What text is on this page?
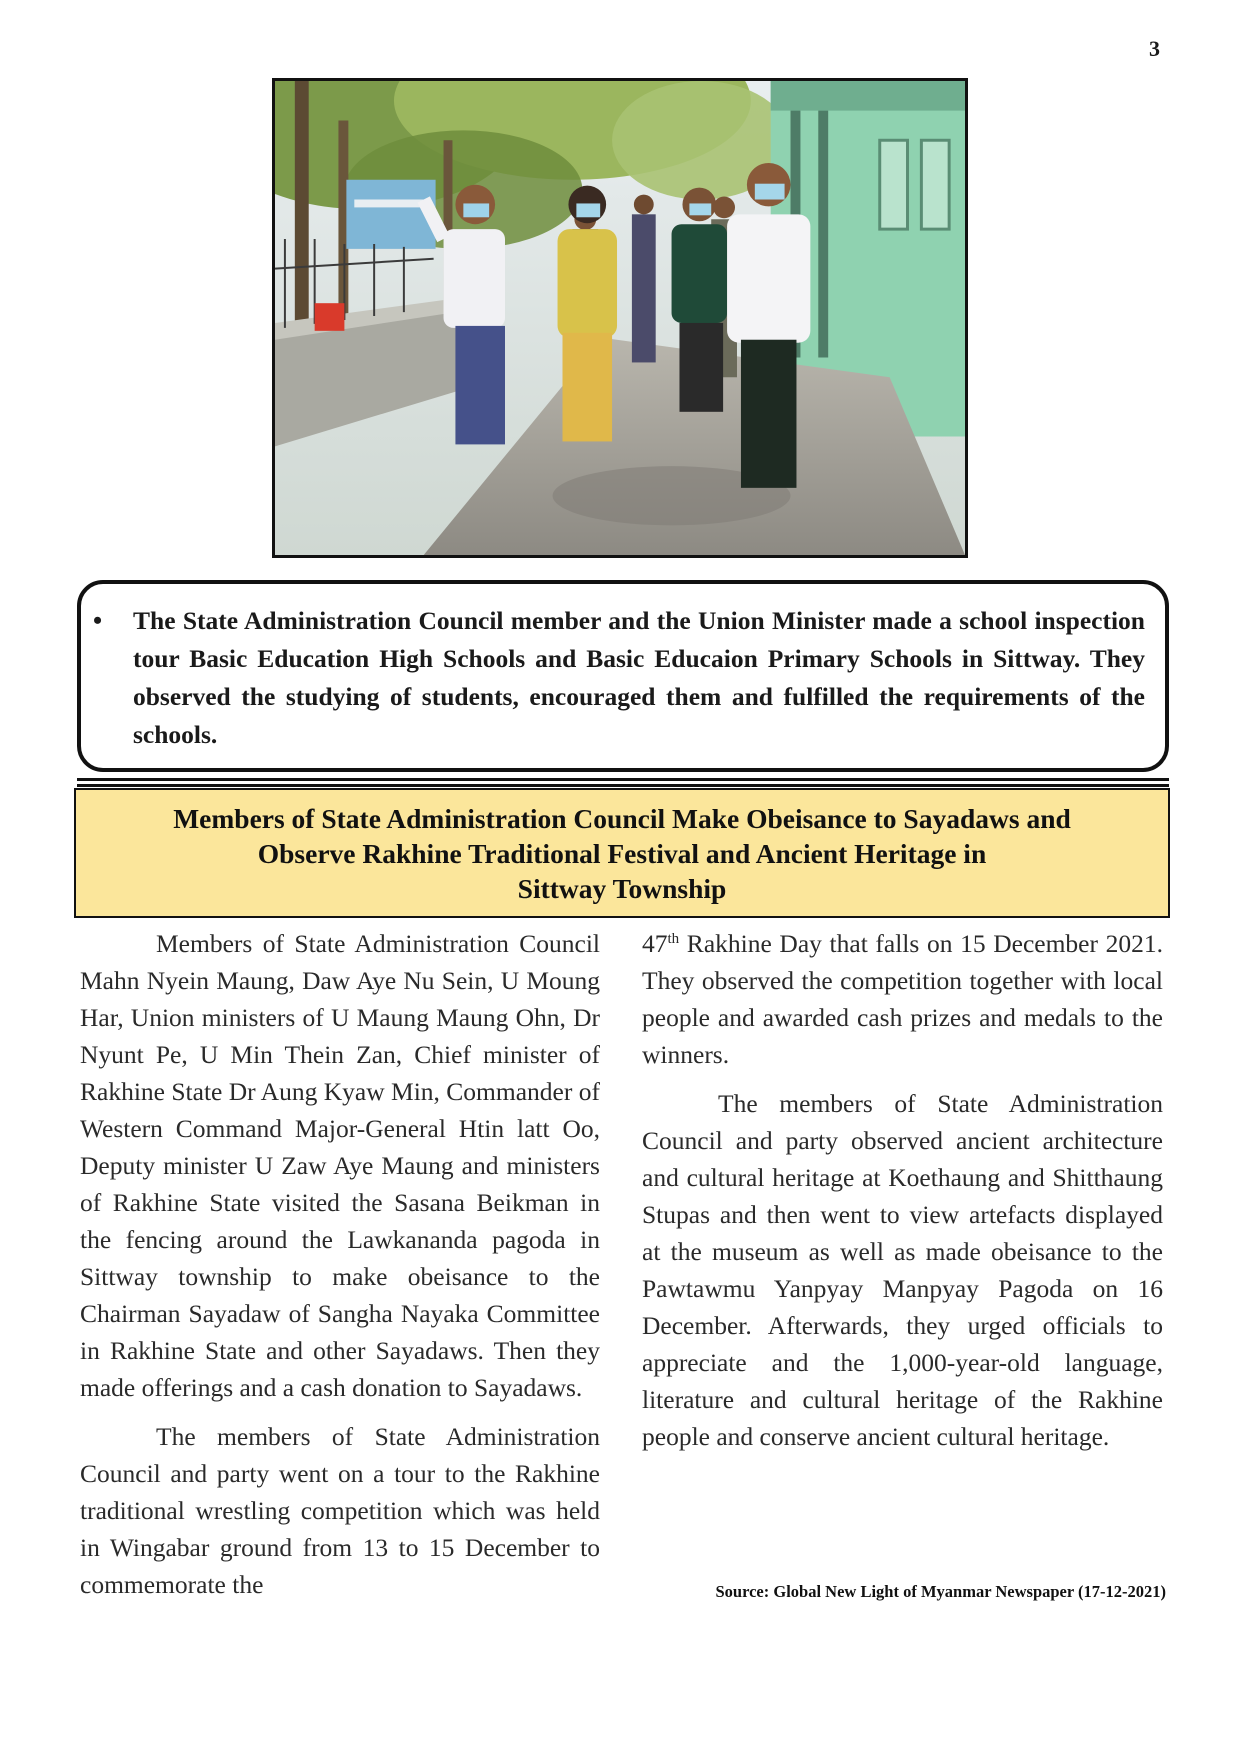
3
• The State Administration Council member and the Union Minister made a school inspection tour Basic Education High Schools and Basic Educaion Primary Schools in Sittway. They observed the studying of students, encouraged them and fulfilled the requirements of the schools.
Members of State Administration Council Make Obeisance to Sayadaws and
Observe Rakhine Traditional Festival and Ancient Heritage in
Sittway Township

Members of State Administration Council Mahn Nyein Maung, Daw Aye Nu Sein, U Moung Har, Union ministers of U Maung Maung Ohn, Dr Nyunt Pe, U Min Thein Zan, Chief minister of Rakhine State Dr Aung Kyaw Min, Commander of Western Command Major-General Htin latt Oo, Deputy minister U Zaw Aye Maung and ministers of Rakhine State visited the Sasana Beikman in the fencing around the Lawkananda pagoda in Sittway township to make obeisance to the Chairman Sayadaw of Sangha Nayaka Committee in Rakhine State and other Sayadaws. Then they made offerings and a cash donation to Sayadaws.

The members of State Administration Council and party went on a tour to the Rakhine traditional wrestling competition which was held in Wingabar ground from 13 to 15 December to commemorate the

47th Rakhine Day that falls on 15 December 2021. They observed the competition together with local people and awarded cash prizes and medals to the winners.

The members of State Administration Council and party observed ancient architecture and cultural heritage at Koethaung and Shitthaung Stupas and then went to view artefacts displayed at the museum as well as made obeisance to the Pawtawmu Yanpyay Manpyay Pagoda on 16 December. Afterwards, they urged officials to appreciate and the 1,000-year-old language, literature and cultural heritage of the Rakhine people and conserve ancient cultural heritage.

Source: Global New Light of Myanmar Newspaper (17-12-2021)
